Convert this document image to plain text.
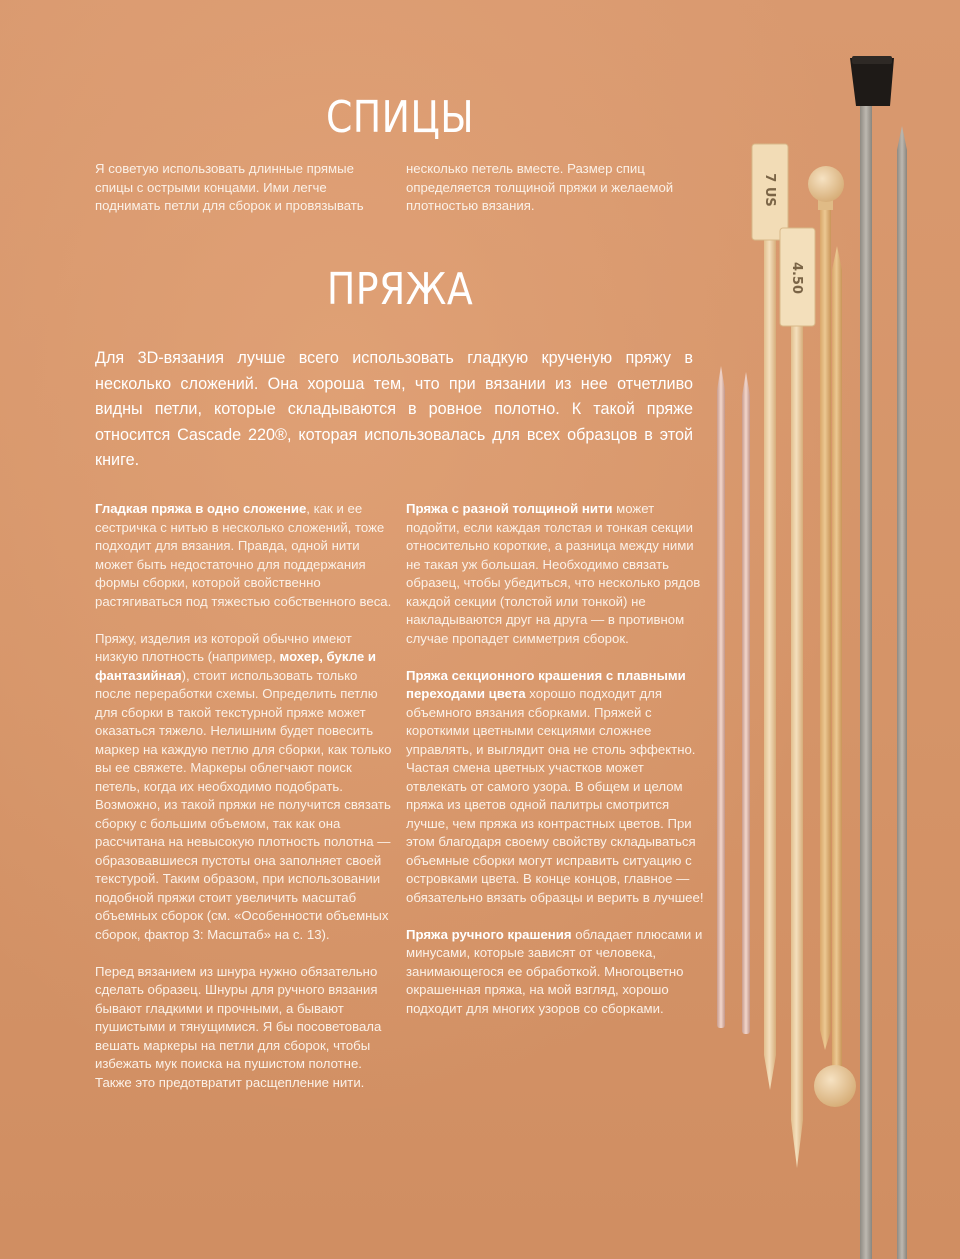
СПИЦЫ

Я советую использовать длинные прямые спицы с острыми концами. Ими легче поднимать петли для сборок и провязывать

несколько петель вместе. Размер спиц определяется толщиной пряжи и желаемой плотностью вязания.

ПРЯЖА

Для 3D-вязания лучше всего использовать гладкую крученую пряжу в несколько сложений. Она хороша тем, что при вязании из нее отчетливо видны петли, которые складываются в ровное полотно. К такой пряже относится Cascade 220®, которая использовалась для всех образцов в этой книге.

Гладкая пряжа в одно сложение, как и ее сестричка с нитью в несколько сложений, тоже подходит для вязания. Правда, одной нити может быть недостаточно для поддержания формы сборки, которой свойственно растягиваться под тяжестью собственного веса.

Пряжу, изделия из которой обычно имеют низкую плотность (например, мохер, букле и фантазийная), стоит использовать только после переработки схемы. Определить петлю для сборки в такой текстурной пряже может оказаться тяжело. Нелишним будет повесить маркер на каждую петлю для сборки, как только вы ее свяжете. Маркеры облегчают поиск петель, когда их необходимо подобрать. Возможно, из такой пряжи не получится связать сборку с большим объемом, так как она рассчитана на невысокую плотность полотна — образовавшиеся пустоты она заполняет своей текстурой. Таким образом, при использовании подобной пряжи стоит увеличить масштаб объемных сборок (см. «Особенности объемных сборок, фактор 3: Масштаб» на с. 13).

Перед вязанием из шнура нужно обязательно сделать образец. Шнуры для ручного вязания бывают гладкими и прочными, а бывают пушистыми и тянущимися. Я бы посоветовала вешать маркеры на петли для сборок, чтобы избежать мук поиска на пушистом полотне. Также это предотвратит расщепление нити.

Пряжа с разной толщиной нити может подойти, если каждая толстая и тонкая секции относительно короткие, а разница между ними не такая уж большая. Необходимо связать образец, чтобы убедиться, что несколько рядов каждой секции (толстой или тонкой) не накладываются друг на друга — в противном случае пропадет симметрия сборок.

Пряжа секционного крашения с плавными переходами цвета хорошо подходит для объемного вязания сборками. Пряжей с короткими цветными секциями сложнее управлять, и выглядит она не столь эффектно. Частая смена цветных участков может отвлекать от самого узора. В общем и целом пряжа из цветов одной палитры смотрится лучше, чем пряжа из контрастных цветов. При этом благодаря своему свойству складываться объемные сборки могут исправить ситуацию с островками цвета. В конце концов, главное — обязательно вязать образцы и верить в лучшее!

Пряжа ручного крашения обладает плюсами и минусами, которые зависят от человека, занимающегося ее обработкой. Многоцветно окрашенная пряжа, на мой взгляд, хорошо подходит для многих узоров со сборками.

7 US
4.50
